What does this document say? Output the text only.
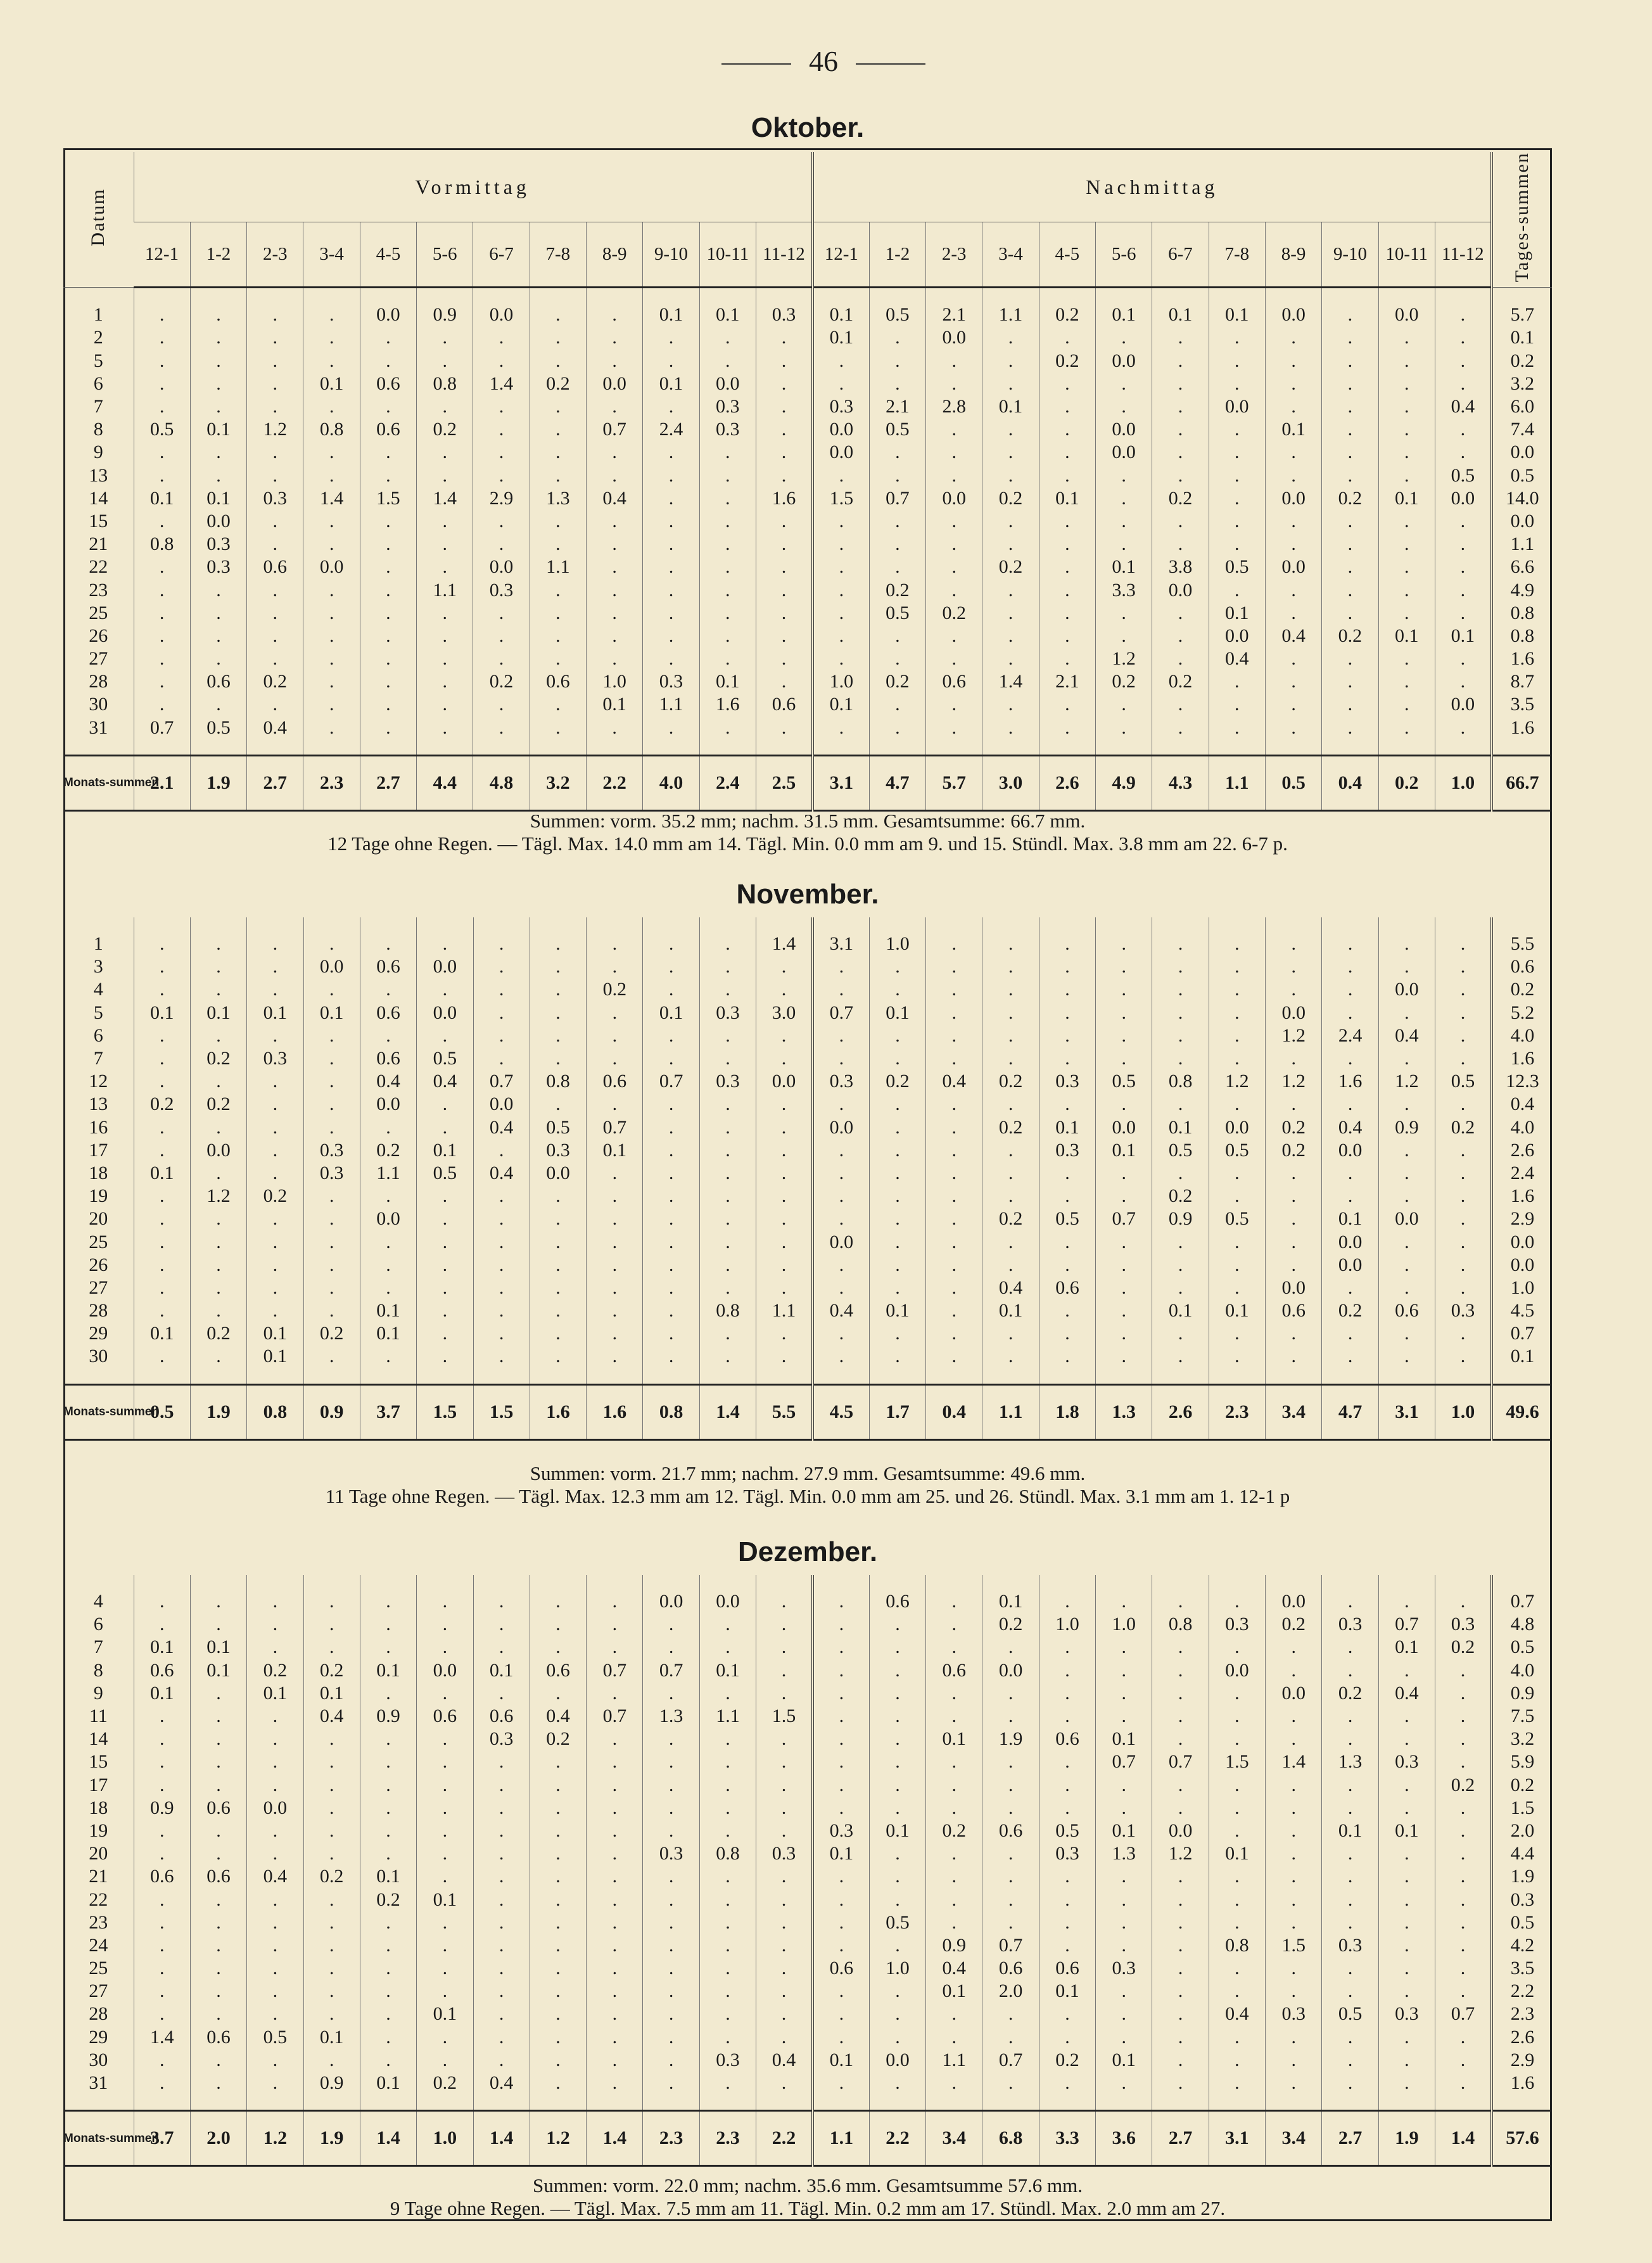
46
Oktober.
November.
Dezember.
Datum	Vormittag												Nachmittag												Tages-summen
	12-1	1-2	2-3	3-4	4-5	5-6	6-7	7-8	8-9	9-10	10-11	11-12	12-1	1-2	2-3	3-4	4-5	5-6	6-7	7-8	8-9	9-10	10-11	11-12	

1	.	.	.	.	0.0	0.9	0.0	.	.	0.1	0.1	0.3	0.1	0.5	2.1	1.1	0.2	0.1	0.1	0.1	0.0	.	0.0	.	5.7
2	.	.	.	.	.	.	.	.	.	.	.	.	0.1	.	0.0	.	.	.	.	.	.	.	.	.	0.1
5	.	.	.	.	.	.	.	.	.	.	.	.	.	.	.	.	0.2	0.0	.	.	.	.	.	.	0.2
6	.	.	.	0.1	0.6	0.8	1.4	0.2	0.0	0.1	0.0	.	.	.	.	.	.	.	.	.	.	.	.	.	3.2
7	.	.	.	.	.	.	.	.	.	.	0.3	.	0.3	2.1	2.8	0.1	.	.	.	0.0	.	.	.	0.4	6.0
8	0.5	0.1	1.2	0.8	0.6	0.2	.	.	0.7	2.4	0.3	.	0.0	0.5	.	.	.	0.0	.	.	0.1	.	.	.	7.4
9	.	.	.	.	.	.	.	.	.	.	.	.	0.0	.	.	.	.	0.0	.	.	.	.	.	.	0.0
13	.	.	.	.	.	.	.	.	.	.	.	.	.	.	.	.	.	.	.	.	.	.	.	0.5	0.5
14	0.1	0.1	0.3	1.4	1.5	1.4	2.9	1.3	0.4	.	.	1.6	1.5	0.7	0.0	0.2	0.1	.	0.2	.	0.0	0.2	0.1	0.0	14.0
15	.	0.0	.	.	.	.	.	.	.	.	.	.	.	.	.	.	.	.	.	.	.	.	.	.	0.0
21	0.8	0.3	.	.	.	.	.	.	.	.	.	.	.	.	.	.	.	.	.	.	.	.	.	.	1.1
22	.	0.3	0.6	0.0	.	.	0.0	1.1	.	.	.	.	.	.	.	0.2	.	0.1	3.8	0.5	0.0	.	.	.	6.6
23	.	.	.	.	.	1.1	0.3	.	.	.	.	.	.	0.2	.	.	.	3.3	0.0	.	.	.	.	.	4.9
25	.	.	.	.	.	.	.	.	.	.	.	.	.	0.5	0.2	.	.	.	.	0.1	.	.	.	.	0.8
26	.	.	.	.	.	.	.	.	.	.	.	.	.	.	.	.	.	.	.	0.0	0.4	0.2	0.1	0.1	0.8
27	.	.	.	.	.	.	.	.	.	.	.	.	.	.	.	.	.	1.2	.	0.4	.	.	.	.	1.6
28	.	0.6	0.2	.	.	.	0.2	0.6	1.0	0.3	0.1	.	1.0	0.2	0.6	1.4	2.1	0.2	0.2	.	.	.	.	.	8.7
30	.	.	.	.	.	.	.	.	0.1	1.1	1.6	0.6	0.1	.	.	.	.	.	.	.	.	.	.	0.0	3.5
31	0.7	0.5	0.4	.	.	.	.	.	.	.	.	.	.	.	.	.	.	.	.	.	.	.	.	.	1.6

Monats-summen	2.1	1.9	2.7	2.3	2.7	4.4	4.8	3.2	2.2	4.0	2.4	2.5	3.1	4.7	5.7	3.0	2.6	4.9	4.3	1.1	0.5	0.4	0.2	1.0	66.7
Summen: vorm. 35.2 mm; nachm. 31.5 mm. Gesamtsumme: 66.7 mm.
12 Tage ohne Regen. — Tägl. Max. 14.0 mm am 14. Tägl. Min. 0.0 mm am 9. und 15. Stündl. Max. 3.8 mm am 22. 6-7 p.

1	.	.	.	.	.	.	.	.	.	.	.	1.4	3.1	1.0	.	.	.	.	.	.	.	.	.	.	5.5
3	.	.	.	0.0	0.6	0.0	.	.	.	.	.	.	.	.	.	.	.	.	.	.	.	.	.	.	0.6
4	.	.	.	.	.	.	.	.	0.2	.	.	.	.	.	.	.	.	.	.	.	.	.	0.0	.	0.2
5	0.1	0.1	0.1	0.1	0.6	0.0	.	.	.	0.1	0.3	3.0	0.7	0.1	.	.	.	.	.	.	0.0	.	.	.	5.2
6	.	.	.	.	.	.	.	.	.	.	.	.	.	.	.	.	.	.	.	.	1.2	2.4	0.4	.	4.0
7	.	0.2	0.3	.	0.6	0.5	.	.	.	.	.	.	.	.	.	.	.	.	.	.	.	.	.	.	1.6
12	.	.	.	.	0.4	0.4	0.7	0.8	0.6	0.7	0.3	0.0	0.3	0.2	0.4	0.2	0.3	0.5	0.8	1.2	1.2	1.6	1.2	0.5	12.3
13	0.2	0.2	.	.	0.0	.	0.0	.	.	.	.	.	.	.	.	.	.	.	.	.	.	.	.	.	0.4
16	.	.	.	.	.	.	0.4	0.5	0.7	.	.	.	0.0	.	.	0.2	0.1	0.0	0.1	0.0	0.2	0.4	0.9	0.2	4.0
17	.	0.0	.	0.3	0.2	0.1	.	0.3	0.1	.	.	.	.	.	.	.	0.3	0.1	0.5	0.5	0.2	0.0	.	.	2.6
18	0.1	.	.	0.3	1.1	0.5	0.4	0.0	.	.	.	.	.	.	.	.	.	.	.	.	.	.	.	.	2.4
19	.	1.2	0.2	.	.	.	.	.	.	.	.	.	.	.	.	.	.	.	0.2	.	.	.	.	.	1.6
20	.	.	.	.	0.0	.	.	.	.	.	.	.	.	.	.	0.2	0.5	0.7	0.9	0.5	.	0.1	0.0	.	2.9
25	.	.	.	.	.	.	.	.	.	.	.	.	0.0	.	.	.	.	.	.	.	.	0.0	.	.	0.0
26	.	.	.	.	.	.	.	.	.	.	.	.	.	.	.	.	.	.	.	.	.	0.0	.	.	0.0
27	.	.	.	.	.	.	.	.	.	.	.	.	.	.	.	0.4	0.6	.	.	.	0.0	.	.	.	1.0
28	.	.	.	.	0.1	.	.	.	.	.	0.8	1.1	0.4	0.1	.	0.1	.	.	0.1	0.1	0.6	0.2	0.6	0.3	4.5
29	0.1	0.2	0.1	0.2	0.1	.	.	.	.	.	.	.	.	.	.	.	.	.	.	.	.	.	.	.	0.7
30	.	.	0.1	.	.	.	.	.	.	.	.	.	.	.	.	.	.	.	.	.	.	.	.	.	0.1

Monats-summen	0.5	1.9	0.8	0.9	3.7	1.5	1.5	1.6	1.6	0.8	1.4	5.5	4.5	1.7	0.4	1.1	1.8	1.3	2.6	2.3	3.4	4.7	3.1	1.0	49.6
Summen: vorm. 21.7 mm; nachm. 27.9 mm. Gesamtsumme: 49.6 mm.
11 Tage ohne Regen. — Tägl. Max. 12.3 mm am 12. Tägl. Min. 0.0 mm am 25. und 26. Stündl. Max. 3.1 mm am 1. 12-1 p

4	.	.	.	.	.	.	.	.	.	0.0	0.0	.	.	0.6	.	0.1	.	.	.	.	0.0	.	.	.	0.7
6	.	.	.	.	.	.	.	.	.	.	.	.	.	.	.	0.2	1.0	1.0	0.8	0.3	0.2	0.3	0.7	0.3	4.8
7	0.1	0.1	.	.	.	.	.	.	.	.	.	.	.	.	.	.	.	.	.	.	.	.	0.1	0.2	0.5
8	0.6	0.1	0.2	0.2	0.1	0.0	0.1	0.6	0.7	0.7	0.1	.	.	.	0.6	0.0	.	.	.	0.0	.	.	.	.	4.0
9	0.1	.	0.1	0.1	.	.	.	.	.	.	.	.	.	.	.	.	.	.	.	.	0.0	0.2	0.4	.	0.9
11	.	.	.	0.4	0.9	0.6	0.6	0.4	0.7	1.3	1.1	1.5	.	.	.	.	.	.	.	.	.	.	.	.	7.5
14	.	.	.	.	.	.	0.3	0.2	.	.	.	.	.	.	0.1	1.9	0.6	0.1	.	.	.	.	.	.	3.2
15	.	.	.	.	.	.	.	.	.	.	.	.	.	.	.	.	.	0.7	0.7	1.5	1.4	1.3	0.3	.	5.9
17	.	.	.	.	.	.	.	.	.	.	.	.	.	.	.	.	.	.	.	.	.	.	.	0.2	0.2
18	0.9	0.6	0.0	.	.	.	.	.	.	.	.	.	.	.	.	.	.	.	.	.	.	.	.	.	1.5
19	.	.	.	.	.	.	.	.	.	.	.	.	0.3	0.1	0.2	0.6	0.5	0.1	0.0	.	.	0.1	0.1	.	2.0
20	.	.	.	.	.	.	.	.	.	0.3	0.8	0.3	0.1	.	.	.	0.3	1.3	1.2	0.1	.	.	.	.	4.4
21	0.6	0.6	0.4	0.2	0.1	.	.	.	.	.	.	.	.	.	.	.	.	.	.	.	.	.	.	.	1.9
22	.	.	.	.	0.2	0.1	.	.	.	.	.	.	.	.	.	.	.	.	.	.	.	.	.	.	0.3
23	.	.	.	.	.	.	.	.	.	.	.	.	.	0.5	.	.	.	.	.	.	.	.	.	.	0.5
24	.	.	.	.	.	.	.	.	.	.	.	.	.	.	0.9	0.7	.	.	.	0.8	1.5	0.3	.	.	4.2
25	.	.	.	.	.	.	.	.	.	.	.	.	0.6	1.0	0.4	0.6	0.6	0.3	.	.	.	.	.	.	3.5
27	.	.	.	.	.	.	.	.	.	.	.	.	.	.	0.1	2.0	0.1	.	.	.	.	.	.	.	2.2
28	.	.	.	.	.	0.1	.	.	.	.	.	.	.	.	.	.	.	.	.	0.4	0.3	0.5	0.3	0.7	2.3
29	1.4	0.6	0.5	0.1	.	.	.	.	.	.	.	.	.	.	.	.	.	.	.	.	.	.	.	.	2.6
30	.	.	.	.	.	.	.	.	.	.	0.3	0.4	0.1	0.0	1.1	0.7	0.2	0.1	.	.	.	.	.	.	2.9
31	.	.	.	0.9	0.1	0.2	0.4	.	.	.	.	.	.	.	.	.	.	.	.	.	.	.	.	.	1.6

Monats-summen	3.7	2.0	1.2	1.9	1.4	1.0	1.4	1.2	1.4	2.3	2.3	2.2	1.1	2.2	3.4	6.8	3.3	3.6	2.7	3.1	3.4	2.7	1.9	1.4	57.6
Summen: vorm. 22.0 mm; nachm. 35.6 mm. Gesamtsumme 57.6 mm.
9 Tage ohne Regen. — Tägl. Max. 7.5 mm am 11. Tägl. Min. 0.2 mm am 17. Stündl. Max. 2.0 mm am 27.
